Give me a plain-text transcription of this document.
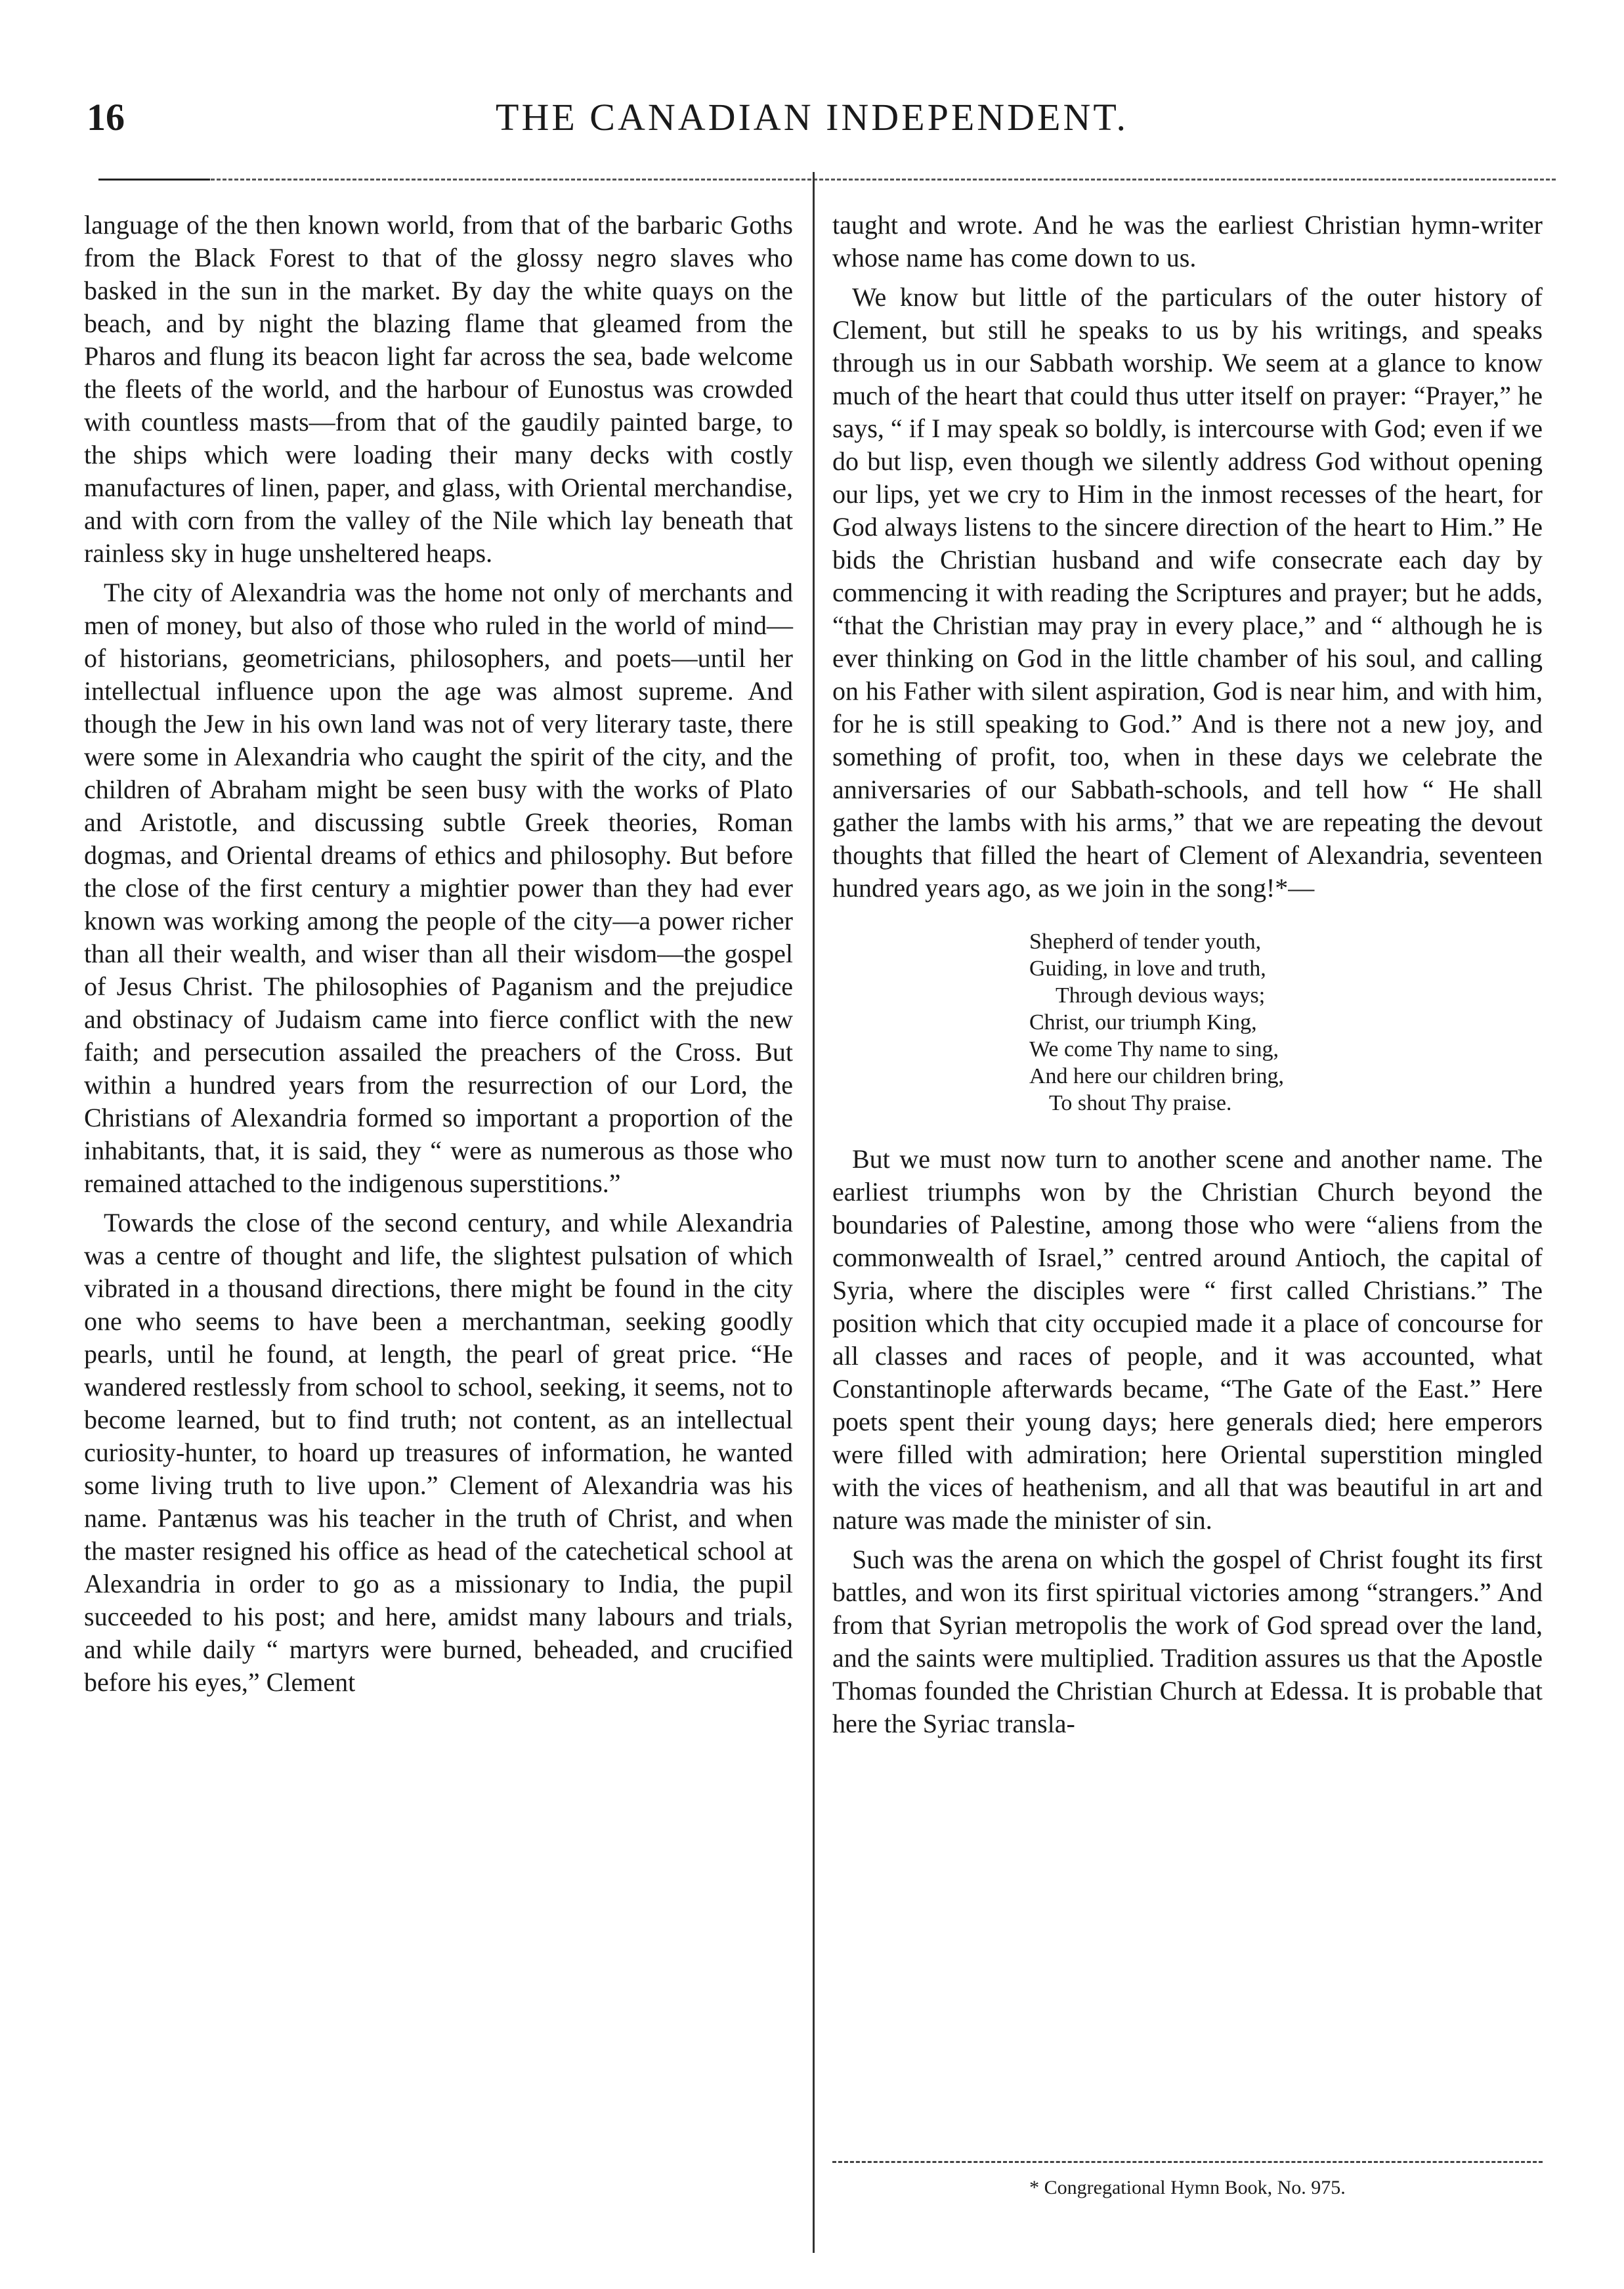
16	THE CANADIAN INDEPENDENT.

language of the then known world, from that of the barbaric Goths from the Black Forest to that of the glossy negro slaves who basked in the sun in the market. By day the white quays on the beach, and by night the blazing flame that gleamed from the Pharos and flung its beacon light far across the sea, bade welcome the fleets of the world, and the harbour of Eunostus was crowded with countless masts—from that of the gaudily painted barge, to the ships which were loading their many decks with costly manufactures of linen, paper, and glass, with Oriental merchandise, and with corn from the valley of the Nile which lay beneath that rainless sky in huge unsheltered heaps.

The city of Alexandria was the home not only of merchants and men of money, but also of those who ruled in the world of mind—of historians, geometricians, philosophers, and poets—until her intellectual influence upon the age was almost supreme. And though the Jew in his own land was not of very literary taste, there were some in Alexandria who caught the spirit of the city, and the children of Abraham might be seen busy with the works of Plato and Aristotle, and discussing subtle Greek theories, Roman dogmas, and Oriental dreams of ethics and philosophy. But before the close of the first century a mightier power than they had ever known was working among the people of the city—a power richer than all their wealth, and wiser than all their wisdom—the gospel of Jesus Christ. The philosophies of Paganism and the prejudice and obstinacy of Judaism came into fierce conflict with the new faith; and persecution assailed the preachers of the Cross. But within a hundred years from the resurrection of our Lord, the Christians of Alexandria formed so important a proportion of the inhabitants, that, it is said, they “ were as numerous as those who remained attached to the indigenous superstitions.”

Towards the close of the second century, and while Alexandria was a centre of thought and life, the slightest pulsation of which vibrated in a thousand directions, there might be found in the city one who seems to have been a merchantman, seeking goodly pearls, until he found, at length, the pearl of great price. “He wandered restlessly from school to school, seeking, it seems, not to become learned, but to find truth; not content, as an intellectual curiosity-hunter, to hoard up treasures of information, he wanted some living truth to live upon.” Clement of Alexandria was his name. Pantænus was his teacher in the truth of Christ, and when the master resigned his office as head of the catechetical school at Alexandria in order to go as a missionary to India, the pupil succeeded to his post; and here, amidst many labours and trials, and while daily “ martyrs were burned, beheaded, and crucified before his eyes,” Clement

taught and wrote. And he was the earliest Christian hymn-writer whose name has come down to us.

We know but little of the particulars of the outer history of Clement, but still he speaks to us by his writings, and speaks through us in our Sabbath worship. We seem at a glance to know much of the heart that could thus utter itself on prayer: “Prayer,” he says, “ if I may speak so boldly, is intercourse with God; even if we do but lisp, even though we silently address God without opening our lips, yet we cry to Him in the inmost recesses of the heart, for God always listens to the sincere direction of the heart to Him.” He bids the Christian husband and wife consecrate each day by commencing it with reading the Scriptures and prayer; but he adds, “that the Christian may pray in every place,” and “ although he is ever thinking on God in the little chamber of his soul, and calling on his Father with silent aspiration, God is near him, and with him, for he is still speaking to God.” And is there not a new joy, and something of profit, too, when in these days we celebrate the anniversaries of our Sabbath-schools, and tell how “ He shall gather the lambs with his arms,” that we are repeating the devout thoughts that filled the heart of Clement of Alexandria, seventeen hundred years ago, as we join in the song!*—

Shepherd of tender youth,
Guiding, in love and truth,
Through devious ways;
Christ, our triumph King,
We come Thy name to sing,
And here our children bring,
To shout Thy praise.

But we must now turn to another scene and another name. The earliest triumphs won by the Christian Church beyond the boundaries of Palestine, among those who were “aliens from the commonwealth of Israel,” centred around Antioch, the capital of Syria, where the disciples were “ first called Christians.” The position which that city occupied made it a place of concourse for all classes and races of people, and it was accounted, what Constantinople afterwards became, “The Gate of the East.” Here poets spent their young days; here generals died; here emperors were filled with admiration; here Oriental superstition mingled with the vices of heathenism, and all that was beautiful in art and nature was made the minister of sin.

Such was the arena on which the gospel of Christ fought its first battles, and won its first spiritual victories among “strangers.” And from that Syrian metropolis the work of God spread over the land, and the saints were multiplied. Tradition assures us that the Apostle Thomas founded the Christian Church at Edessa. It is probable that here the Syriac transla-

* Congregational Hymn Book, No. 975.
